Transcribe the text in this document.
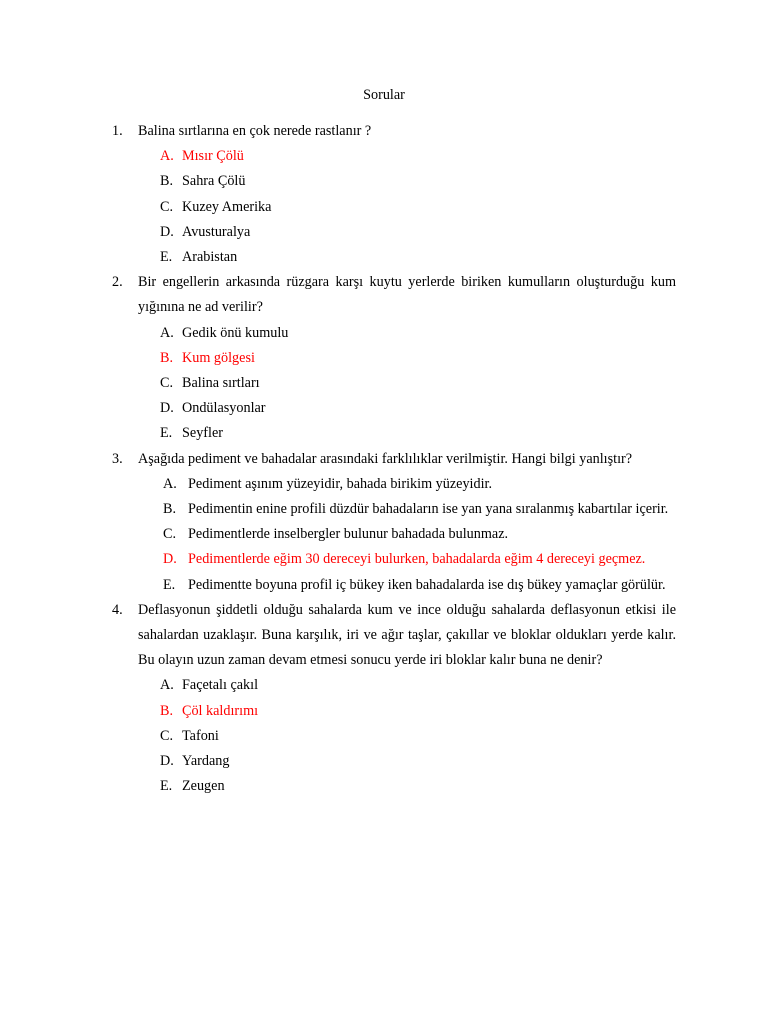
Sorular
1. Balina sırtlarına en çok nerede rastlanır ?
A. Mısır Çölü
B. Sahra Çölü
C. Kuzey Amerika
D. Avusturalya
E. Arabistan
2. Bir engellerin arkasında rüzgara karşı kuytu yerlerde biriken kumulların oluşturduğu kum yığınına ne ad verilir?
A. Gedik önü kumulu
B. Kum gölgesi
C. Balina sırtları
D. Ondülasyonlar
E. Seyfler
3. Aşağıda pediment ve bahadalar arasındaki farklılıklar verilmiştir. Hangi bilgi yanlıştır?
A. Pediment aşınım yüzeyidir, bahada birikim yüzeyidir.
B. Pedimentin enine profili düzdür bahadaların ise yan yana sıralanmış kabartılar içerir.
C. Pedimentlerde inselbergler bulunur bahadada bulunmaz.
D. Pedimentlerde eğim 30 dereceyi bulurken, bahadalarda eğim 4 dereceyi geçmez.
E. Pedimentte boyuna profil iç bükey iken bahadalarda ise dış bükey yamaçlar görülür.
4. Deflasyonun şiddetli olduğu sahalarda kum ve ince olduğu sahalarda deflasyonun etkisi ile sahalardan uzaklaşır. Buna karşılık, iri ve ağır taşlar, çakıllar ve bloklar oldukları yerde kalır. Bu olayın uzun zaman devam etmesi sonucu yerde iri bloklar kalır buna ne denir?
A. Façetalı çakıl
B. Çöl kaldırımı
C. Tafoni
D. Yardang
E. Zeugen
